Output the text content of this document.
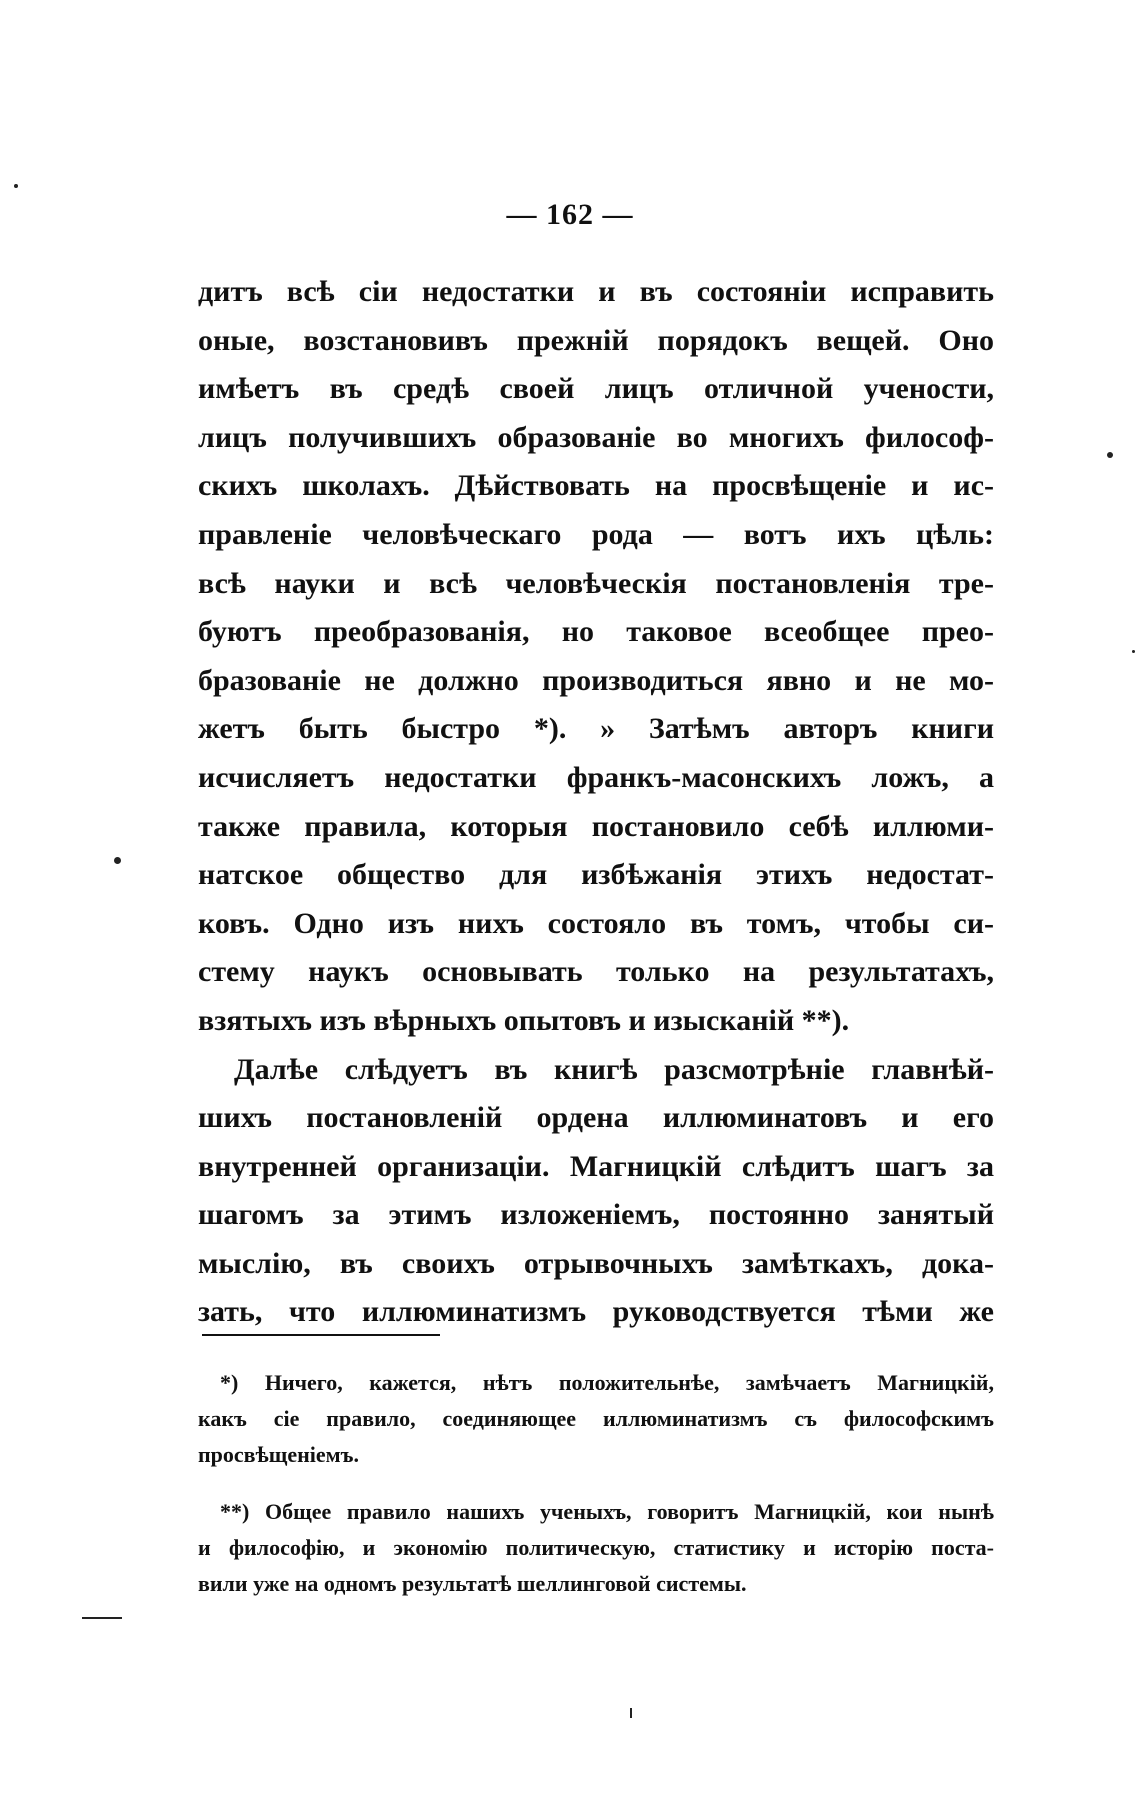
— 162 —
дитъ всѣ сіи недостатки и въ состояніи исправить
оные, возстановивъ прежній порядокъ вещей. Оно
имѣетъ въ средѣ своей лицъ отличной учености,
лицъ получившихъ образованіе во многихъ философ-
скихъ школахъ. Дѣйствовать на просвѣщеніе и ис-
правленіе человѣческаго рода — вотъ ихъ цѣль:
всѣ науки и всѣ человѣческія постановленія тре-
буютъ преобразованія, но таковое всеобщее прео-
бразованіе не должно производиться явно и не мо-
жетъ быть быстро *). » Затѣмъ авторъ книги
исчисляетъ недостатки франкъ-масонскихъ ложъ, а
также правила, которыя постановило себѣ иллюми-
натское общество для избѣжанія этихъ недостат-
ковъ. Одно изъ нихъ состояло въ томъ, чтобы си-
стему наукъ основывать только на результатахъ,
взятыхъ изъ вѣрныхъ опытовъ и изысканій **).
Далѣе слѣдуетъ въ книгѣ разсмотрѣніе главнѣй-
шихъ постановленій ордена иллюминатовъ и его
внутренней организаціи. Магницкій слѣдитъ шагъ за
шагомъ за этимъ изложеніемъ, постоянно занятый
мыслію, въ своихъ отрывочныхъ замѣткахъ, дока-
зать, что иллюминатизмъ руководствуется тѣми же
*) Ничего, кажется, нѣтъ положительнѣе, замѣчаетъ Магницкій,
какъ сіе правило, соединяющее иллюминатизмъ съ философскимъ
просвѣщеніемъ.
**) Общее правило нашихъ ученыхъ, говоритъ Магницкій, кои нынѣ
и философію, и экономію политическую, статистику и исторію поста-
вили уже на одномъ результатѣ шеллинговой системы.
